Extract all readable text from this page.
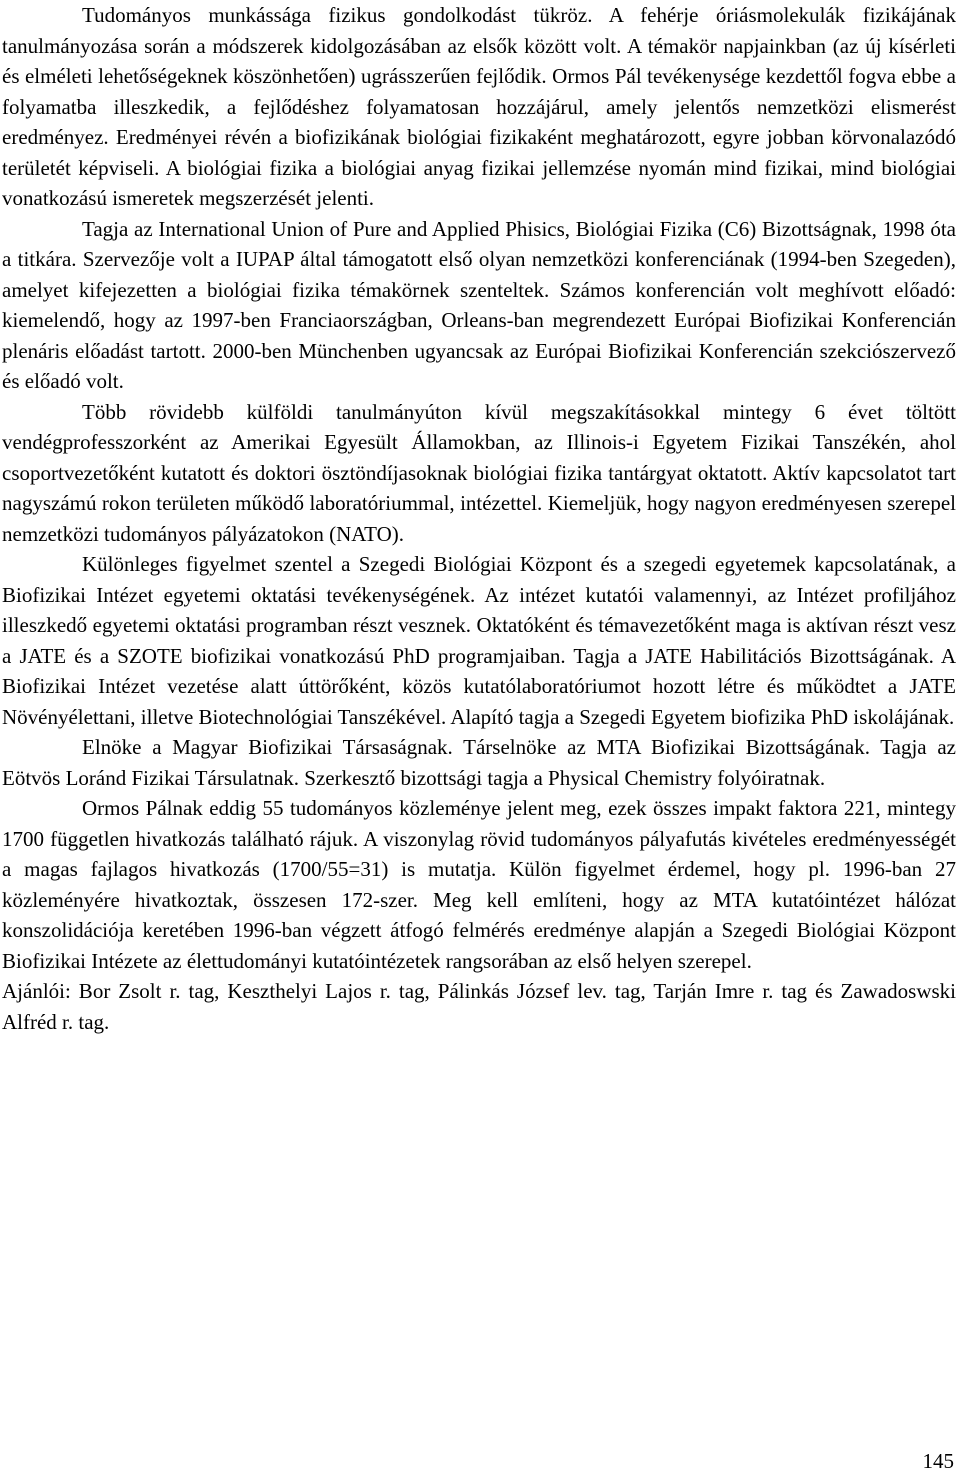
Tudományos munkássága fizikus gondolkodást tükröz. A fehérje óriásmolekulák fizikájának tanulmányozása során a módszerek kidolgozásában az elsők között volt. A témakör napjainkban (az új kísérleti és elméleti lehetőségeknek köszönhetően) ugrásszerűen fejlődik. Ormos Pál tevékenysége kezdettől fogva ebbe a folyamatba illeszkedik, a fejlődéshez folyamatosan hozzájárul, amely jelentős nemzetközi elismerést eredményez. Eredményei révén a biofizikának biológiai fizikaként meghatározott, egyre jobban körvonalazódó területét képviseli. A biológiai fizika a biológiai anyag fizikai jellemzése nyomán mind fizikai, mind biológiai vonatkozású ismeretek megszerzését jelenti.

Tagja az International Union of Pure and Applied Phisics, Biológiai Fizika (C6) Bizottságnak, 1998 óta a titkára. Szervezője volt a IUPAP által támogatott első olyan nemzetközi konferenciának (1994-ben Szegeden), amelyet kifejezetten a biológiai fizika témakörnek szenteltek. Számos konferencián volt meghívott előadó: kiemelendő, hogy az 1997-ben Franciaországban, Orleans-ban megrendezett Európai Biofizikai Konferencián plenáris előadást tartott. 2000-ben Münchenben ugyancsak az Európai Biofizikai Konferencián szekciószervező és előadó volt.

Több rövidebb külföldi tanulmányúton kívül megszakításokkal mintegy 6 évet töltött vendégprofesszorként az Amerikai Egyesült Államokban, az Illinois-i Egyetem Fizikai Tanszékén, ahol csoportvezetőként kutatott és doktori ösztöndíjasoknak biológiai fizika tantárgyat oktatott. Aktív kapcsolatot tart nagyszámú rokon területen működő laboratóriummal, intézettel. Kiemeljük, hogy nagyon eredményesen szerepel nemzetközi tudományos pályázatokon (NATO).

Különleges figyelmet szentel a Szegedi Biológiai Központ és a szegedi egyetemek kapcsolatának, a Biofizikai Intézet egyetemi oktatási tevékenységének. Az intézet kutatói valamennyi, az Intézet profiljához illeszkedő egyetemi oktatási programban részt vesznek. Oktatóként és témavezetőként maga is aktívan részt vesz a JATE és a SZOTE biofizikai vonatkozású PhD programjaiban. Tagja a JATE Habilitációs Bizottságának. A Biofizikai Intézet vezetése alatt úttörőként, közös kutatólaboratóriumot hozott létre és működtet a JATE Növényélettani, illetve Biotechnológiai Tanszékével. Alapító tagja a Szegedi Egyetem biofizika PhD iskolájának.

Elnöke a Magyar Biofizikai Társaságnak. Társelnöke az MTA Biofizikai Bizottságának. Tagja az Eötvös Loránd Fizikai Társulatnak. Szerkesztő bizottsági tagja a Physical Chemistry folyóiratnak.

Ormos Pálnak eddig 55 tudományos közleménye jelent meg, ezek összes impakt faktora 221, mintegy 1700 független hivatkozás található rájuk. A viszonylag rövid tudományos pályafutás kivételes eredményességét a magas fajlagos hivatkozás (1700/55=31) is mutatja. Külön figyelmet érdemel, hogy pl. 1996-ban 27 közleményére hivatkoztak, összesen 172-szer. Meg kell említeni, hogy az MTA kutatóintézet hálózat konszolidációja keretében 1996-ban végzett átfogó felmérés eredménye alapján a Szegedi Biológiai Központ Biofizikai Intézete az élettudományi kutatóintézetek rangsorában az első helyen szerepel.

Ajánlói: Bor Zsolt r. tag, Keszthelyi Lajos r. tag, Pálinkás József lev. tag, Tarján Imre r. tag és Zawadoswski Alfréd r. tag.

145
